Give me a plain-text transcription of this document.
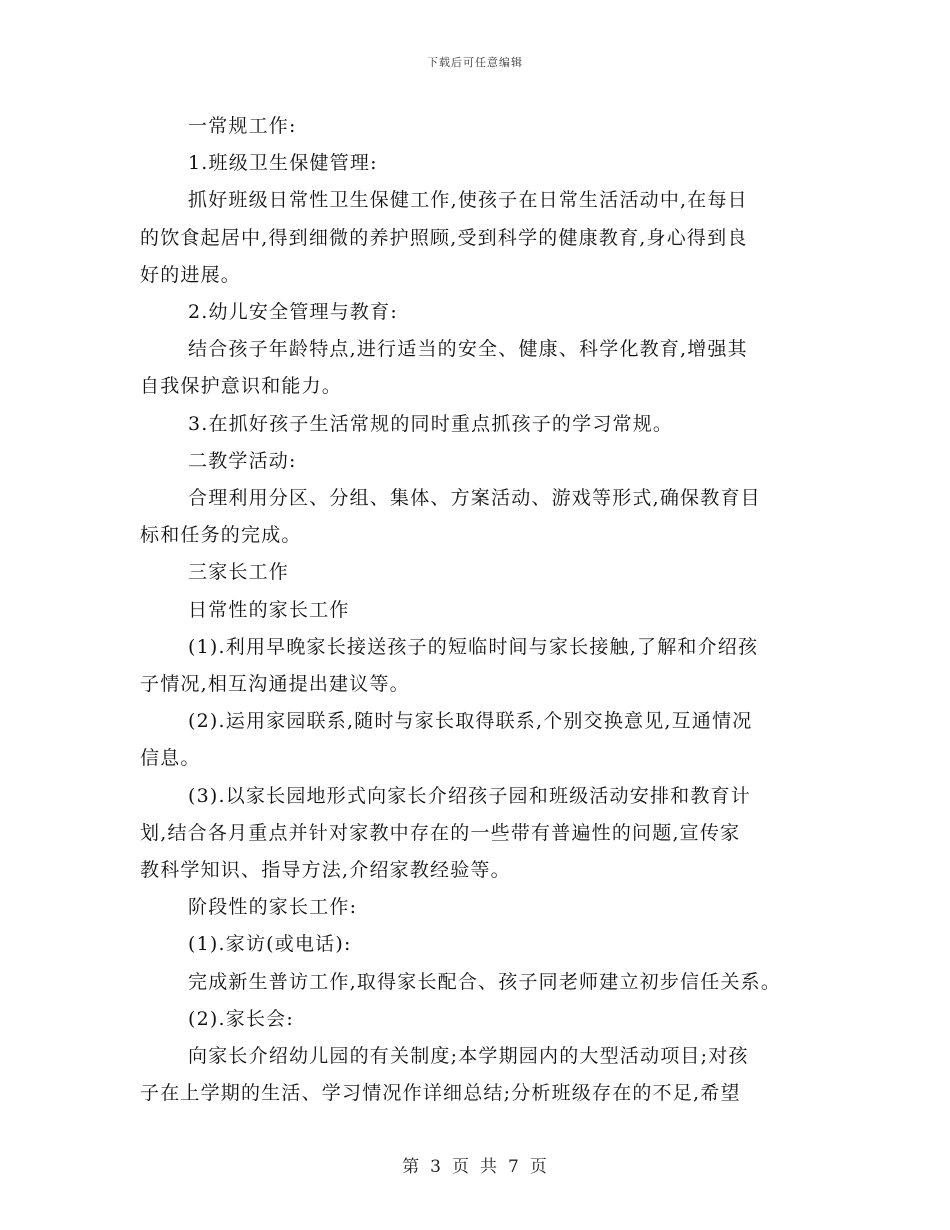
下载后可任意编辑

一常规工作:

1.班级卫生保健管理:

抓好班级日常性卫生保健工作,使孩子在日常生活活动中,在每日

的饮食起居中,得到细微的养护照顾,受到科学的健康教育,身心得到良

好的进展。

2.幼儿安全管理与教育:

结合孩子年龄特点,进行适当的安全、健康、科学化教育,增强其

自我保护意识和能力。

3.在抓好孩子生活常规的同时重点抓孩子的学习常规。

二教学活动:

合理利用分区、分组、集体、方案活动、游戏等形式,确保教育目

标和任务的完成。

三家长工作

日常性的家长工作

(1).利用早晚家长接送孩子的短临时间与家长接触,了解和介绍孩

子情况,相互沟通提出建议等。

(2).运用家园联系,随时与家长取得联系,个别交换意见,互通情况

信息。

(3).以家长园地形式向家长介绍孩子园和班级活动安排和教育计

划,结合各月重点并针对家教中存在的一些带有普遍性的问题,宣传家

教科学知识、指导方法,介绍家教经验等。

阶段性的家长工作:

(1).家访(或电话):

完成新生普访工作,取得家长配合、孩子同老师建立初步信任关系。

(2).家长会:

向家长介绍幼儿园的有关制度;本学期园内的大型活动项目;对孩

子在上学期的生活、学习情况作详细总结;分析班级存在的不足,希望

第 3 页 共 7 页
